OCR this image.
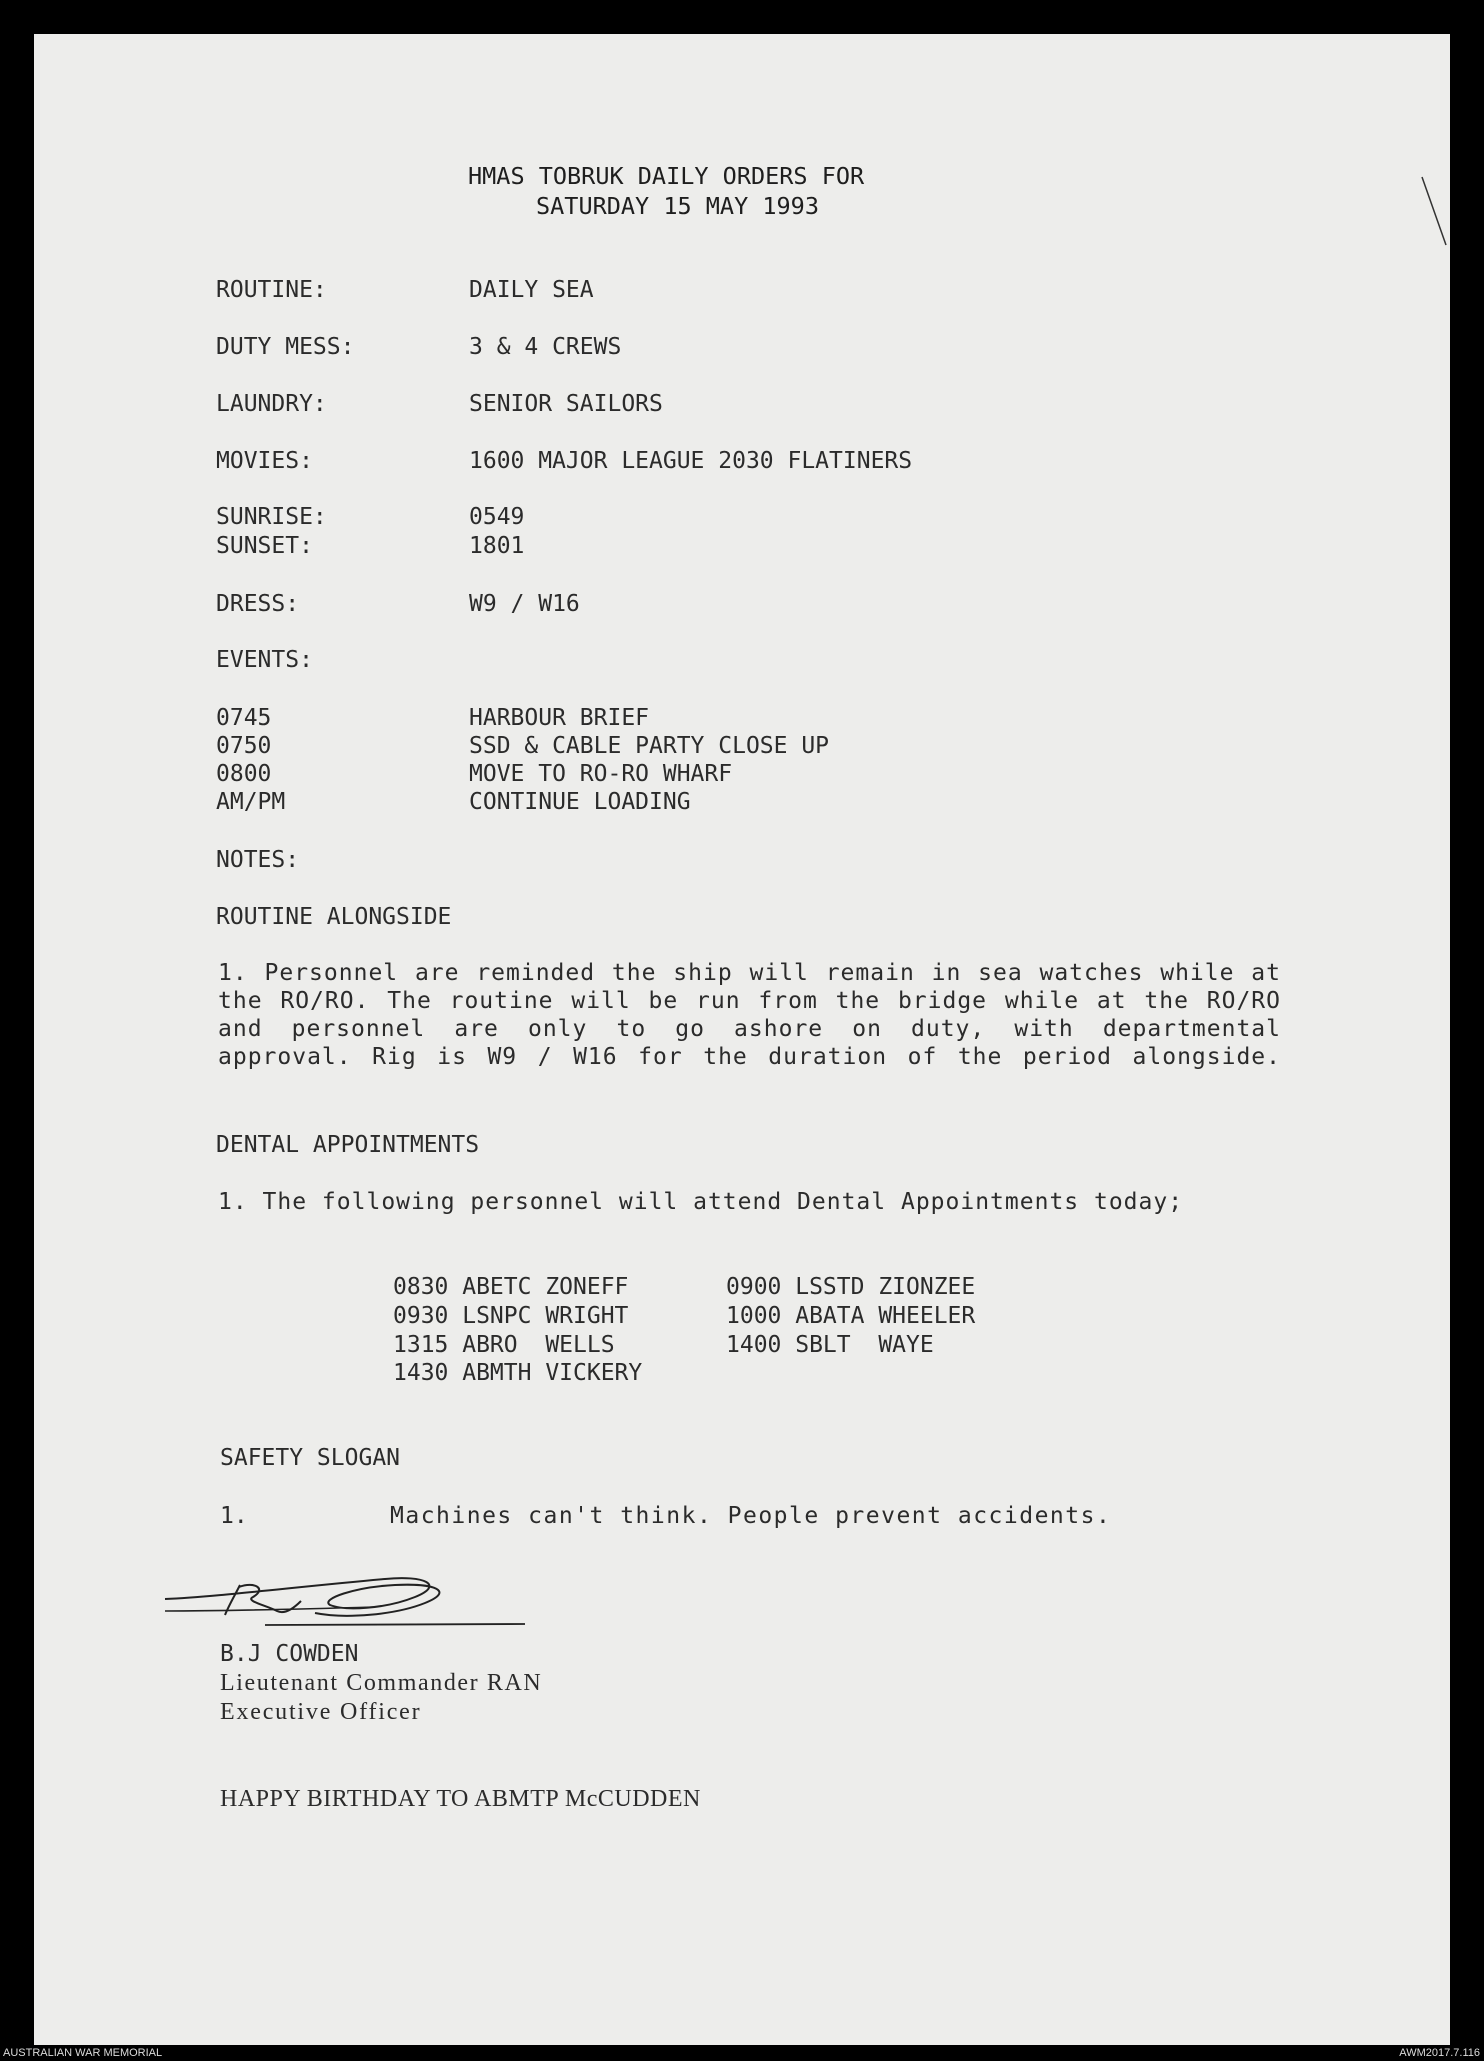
HMAS TOBRUK DAILY ORDERS FOR
SATURDAY 15 MAY 1993
ROUTINE:	DAILY SEA
DUTY MESS:	3 & 4 CREWS
LAUNDRY:	SENIOR SAILORS
MOVIES:	1600 MAJOR LEAGUE 2030 FLATINERS
SUNRISE:	0549
SUNSET:	1801
DRESS:	W9 / W16
EVENTS:
0745	HARBOUR BRIEF
0750	SSD & CABLE PARTY CLOSE UP
0800	MOVE TO RO-RO WHARF
AM/PM	CONTINUE LOADING
NOTES:
ROUTINE ALONGSIDE
1. Personnel are reminded the ship will remain in sea watches while at the RO/RO. The routine will be run from the bridge while at the RO/RO and personnel are only to go ashore on duty, with departmental approval. Rig is W9 / W16 for the duration of the period alongside.
DENTAL APPOINTMENTS
1. The following personnel will attend Dental Appointments today;
0830 ABETC ZONEFF	0900 LSSTD ZIONZEE
0930 LSNPC WRIGHT	1000 ABATA WHEELER
1315 ABRO  WELLS	1400 SBLT  WAYE
1430 ABMTH VICKERY
SAFETY SLOGAN
1.	Machines can't think. People prevent accidents.
B.J COWDEN
Lieutenant Commander RAN
Executive Officer
HAPPY BIRTHDAY TO ABMTP McCUDDEN
AUSTRALIAN WAR MEMORIAL	AWM2017.7.116
